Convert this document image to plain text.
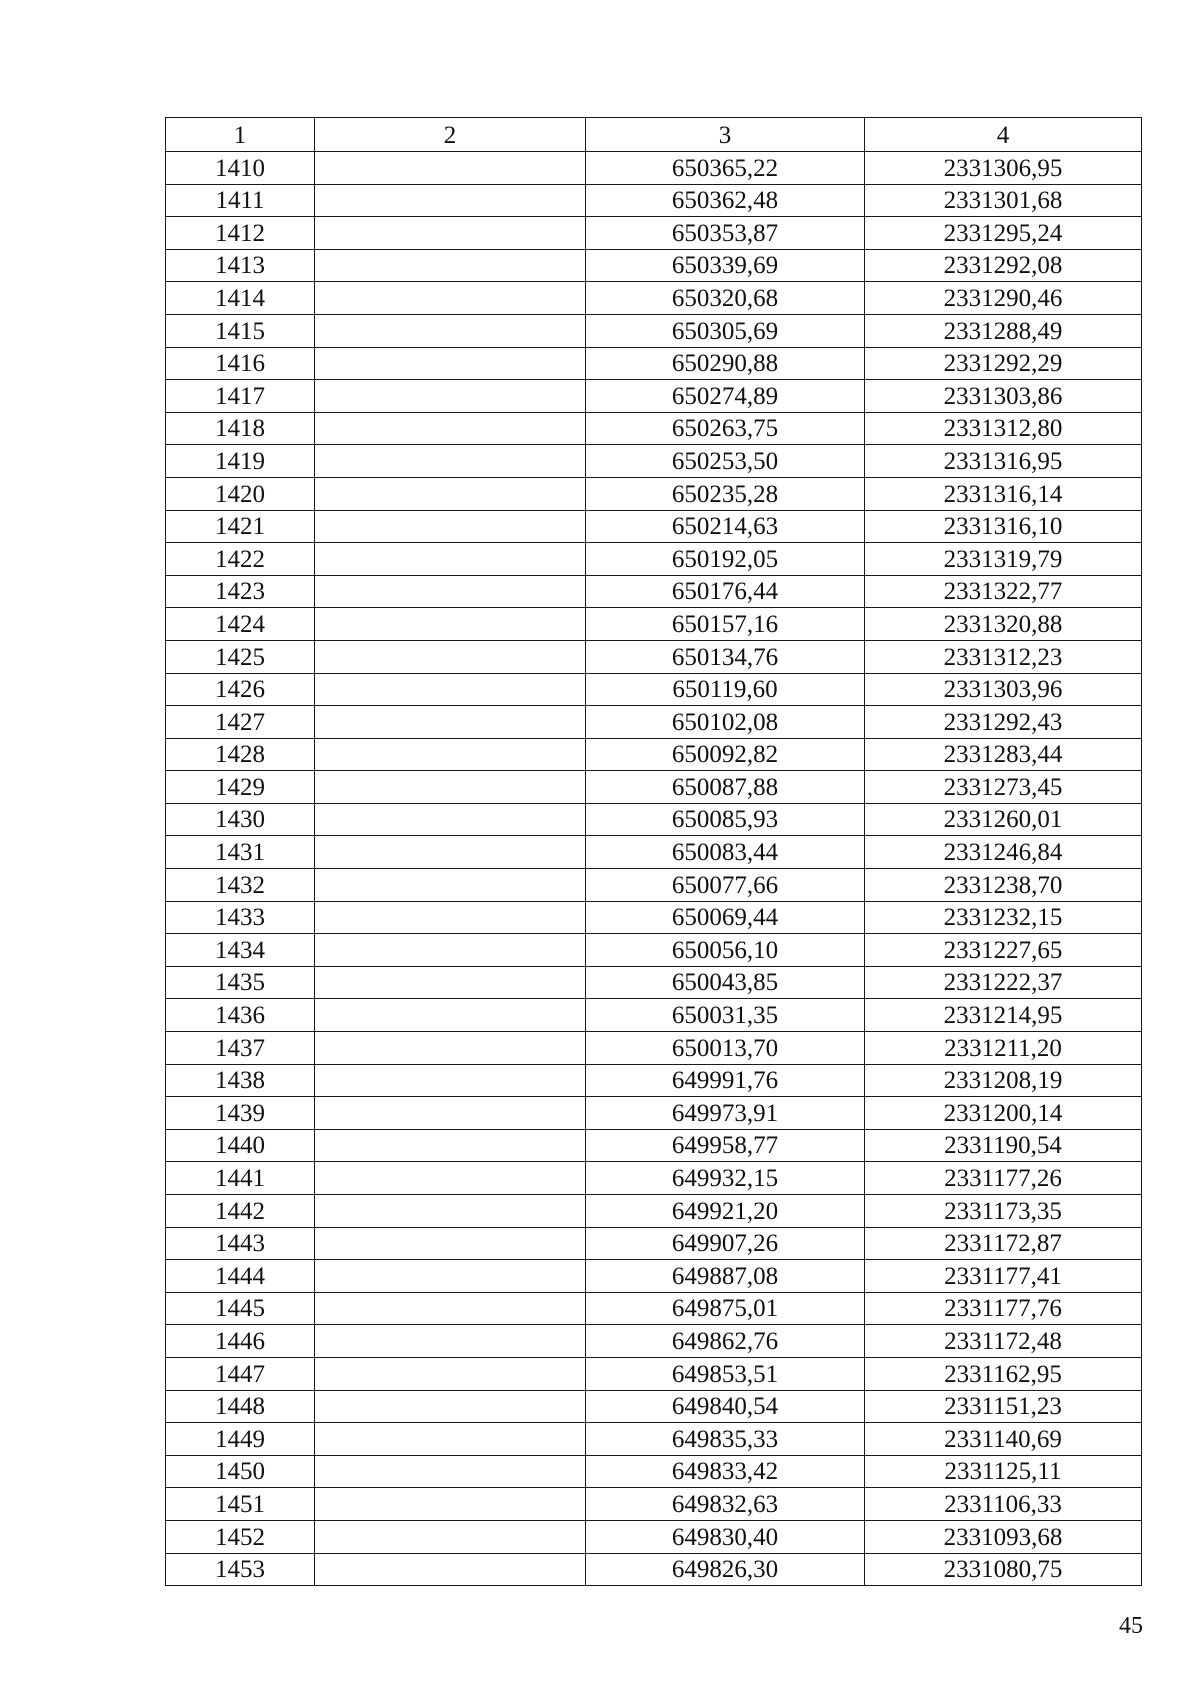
1	2	3	4
1410		650365,22	2331306,95
1411		650362,48	2331301,68
1412		650353,87	2331295,24
1413		650339,69	2331292,08
1414		650320,68	2331290,46
1415		650305,69	2331288,49
1416		650290,88	2331292,29
1417		650274,89	2331303,86
1418		650263,75	2331312,80
1419		650253,50	2331316,95
1420		650235,28	2331316,14
1421		650214,63	2331316,10
1422		650192,05	2331319,79
1423		650176,44	2331322,77
1424		650157,16	2331320,88
1425		650134,76	2331312,23
1426		650119,60	2331303,96
1427		650102,08	2331292,43
1428		650092,82	2331283,44
1429		650087,88	2331273,45
1430		650085,93	2331260,01
1431		650083,44	2331246,84
1432		650077,66	2331238,70
1433		650069,44	2331232,15
1434		650056,10	2331227,65
1435		650043,85	2331222,37
1436		650031,35	2331214,95
1437		650013,70	2331211,20
1438		649991,76	2331208,19
1439		649973,91	2331200,14
1440		649958,77	2331190,54
1441		649932,15	2331177,26
1442		649921,20	2331173,35
1443		649907,26	2331172,87
1444		649887,08	2331177,41
1445		649875,01	2331177,76
1446		649862,76	2331172,48
1447		649853,51	2331162,95
1448		649840,54	2331151,23
1449		649835,33	2331140,69
1450		649833,42	2331125,11
1451		649832,63	2331106,33
1452		649830,40	2331093,68
1453		649826,30	2331080,75
45
